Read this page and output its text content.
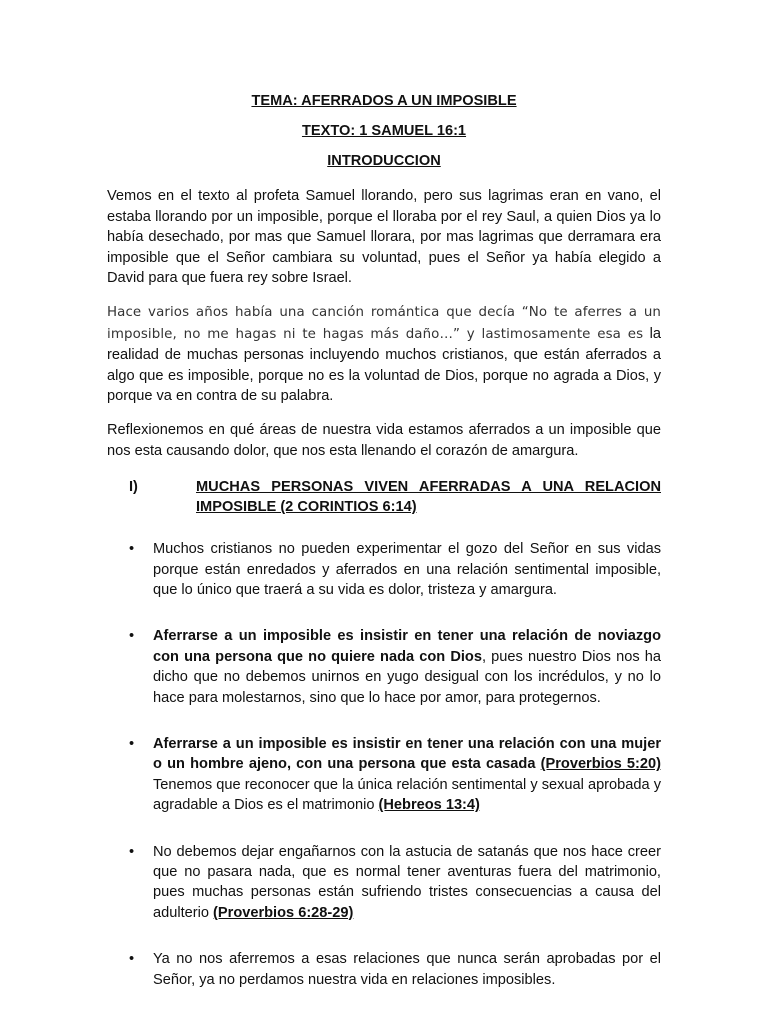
TEMA: AFERRADOS A UN IMPOSIBLE

TEXTO: 1 SAMUEL 16:1

INTRODUCCION

Vemos en el texto al profeta Samuel llorando, pero sus lagrimas eran en vano, el estaba llorando por un imposible, porque el lloraba por el rey Saul, a quien Dios ya lo había desechado, por mas que Samuel llorara, por mas lagrimas que derramara era imposible que el Señor cambiara su voluntad, pues el Señor ya había elegido a David para que fuera rey sobre Israel.

Hace varios años había una canción romántica que decía “No te aferres a un imposible, no me hagas ni te hagas más daño…” y lastimosamente esa es la realidad de muchas personas incluyendo muchos cristianos, que están aferrados a algo que es imposible, porque no es la voluntad de Dios, porque no agrada a Dios, y porque va en contra de su palabra.

Reflexionemos en qué áreas de nuestra vida estamos aferrados a un imposible que nos esta causando dolor, que nos esta llenando el corazón de amargura.

I)	MUCHAS PERSONAS VIVEN AFERRADAS A UNA RELACION IMPOSIBLE (2 CORINTIOS 6:14)
• Muchos cristianos no pueden experimentar el gozo del Señor en sus vidas porque están enredados y aferrados en una relación sentimental imposible, que lo único que traerá a su vida es dolor, tristeza y amargura.
• Aferrarse a un imposible es insistir en tener una relación de noviazgo con una persona que no quiere nada con Dios, pues nuestro Dios nos ha dicho que no debemos unirnos en yugo desigual con los incrédulos, y no lo hace para molestarnos, sino que lo hace por amor, para protegernos.
• Aferrarse a un imposible es insistir en tener una relación con una mujer o un hombre ajeno, con una persona que esta casada (Proverbios 5:20) Tenemos que reconocer que la única relación sentimental y sexual aprobada y agradable a Dios es el matrimonio (Hebreos 13:4)
• No debemos dejar engañarnos con la astucia de satanás que nos hace creer que no pasara nada, que es normal tener aventuras fuera del matrimonio, pues muchas personas están sufriendo tristes consecuencias a causa del adulterio (Proverbios 6:28-29)
• Ya no nos aferremos a esas relaciones que nunca serán aprobadas por el Señor, ya no perdamos nuestra vida en relaciones imposibles.
